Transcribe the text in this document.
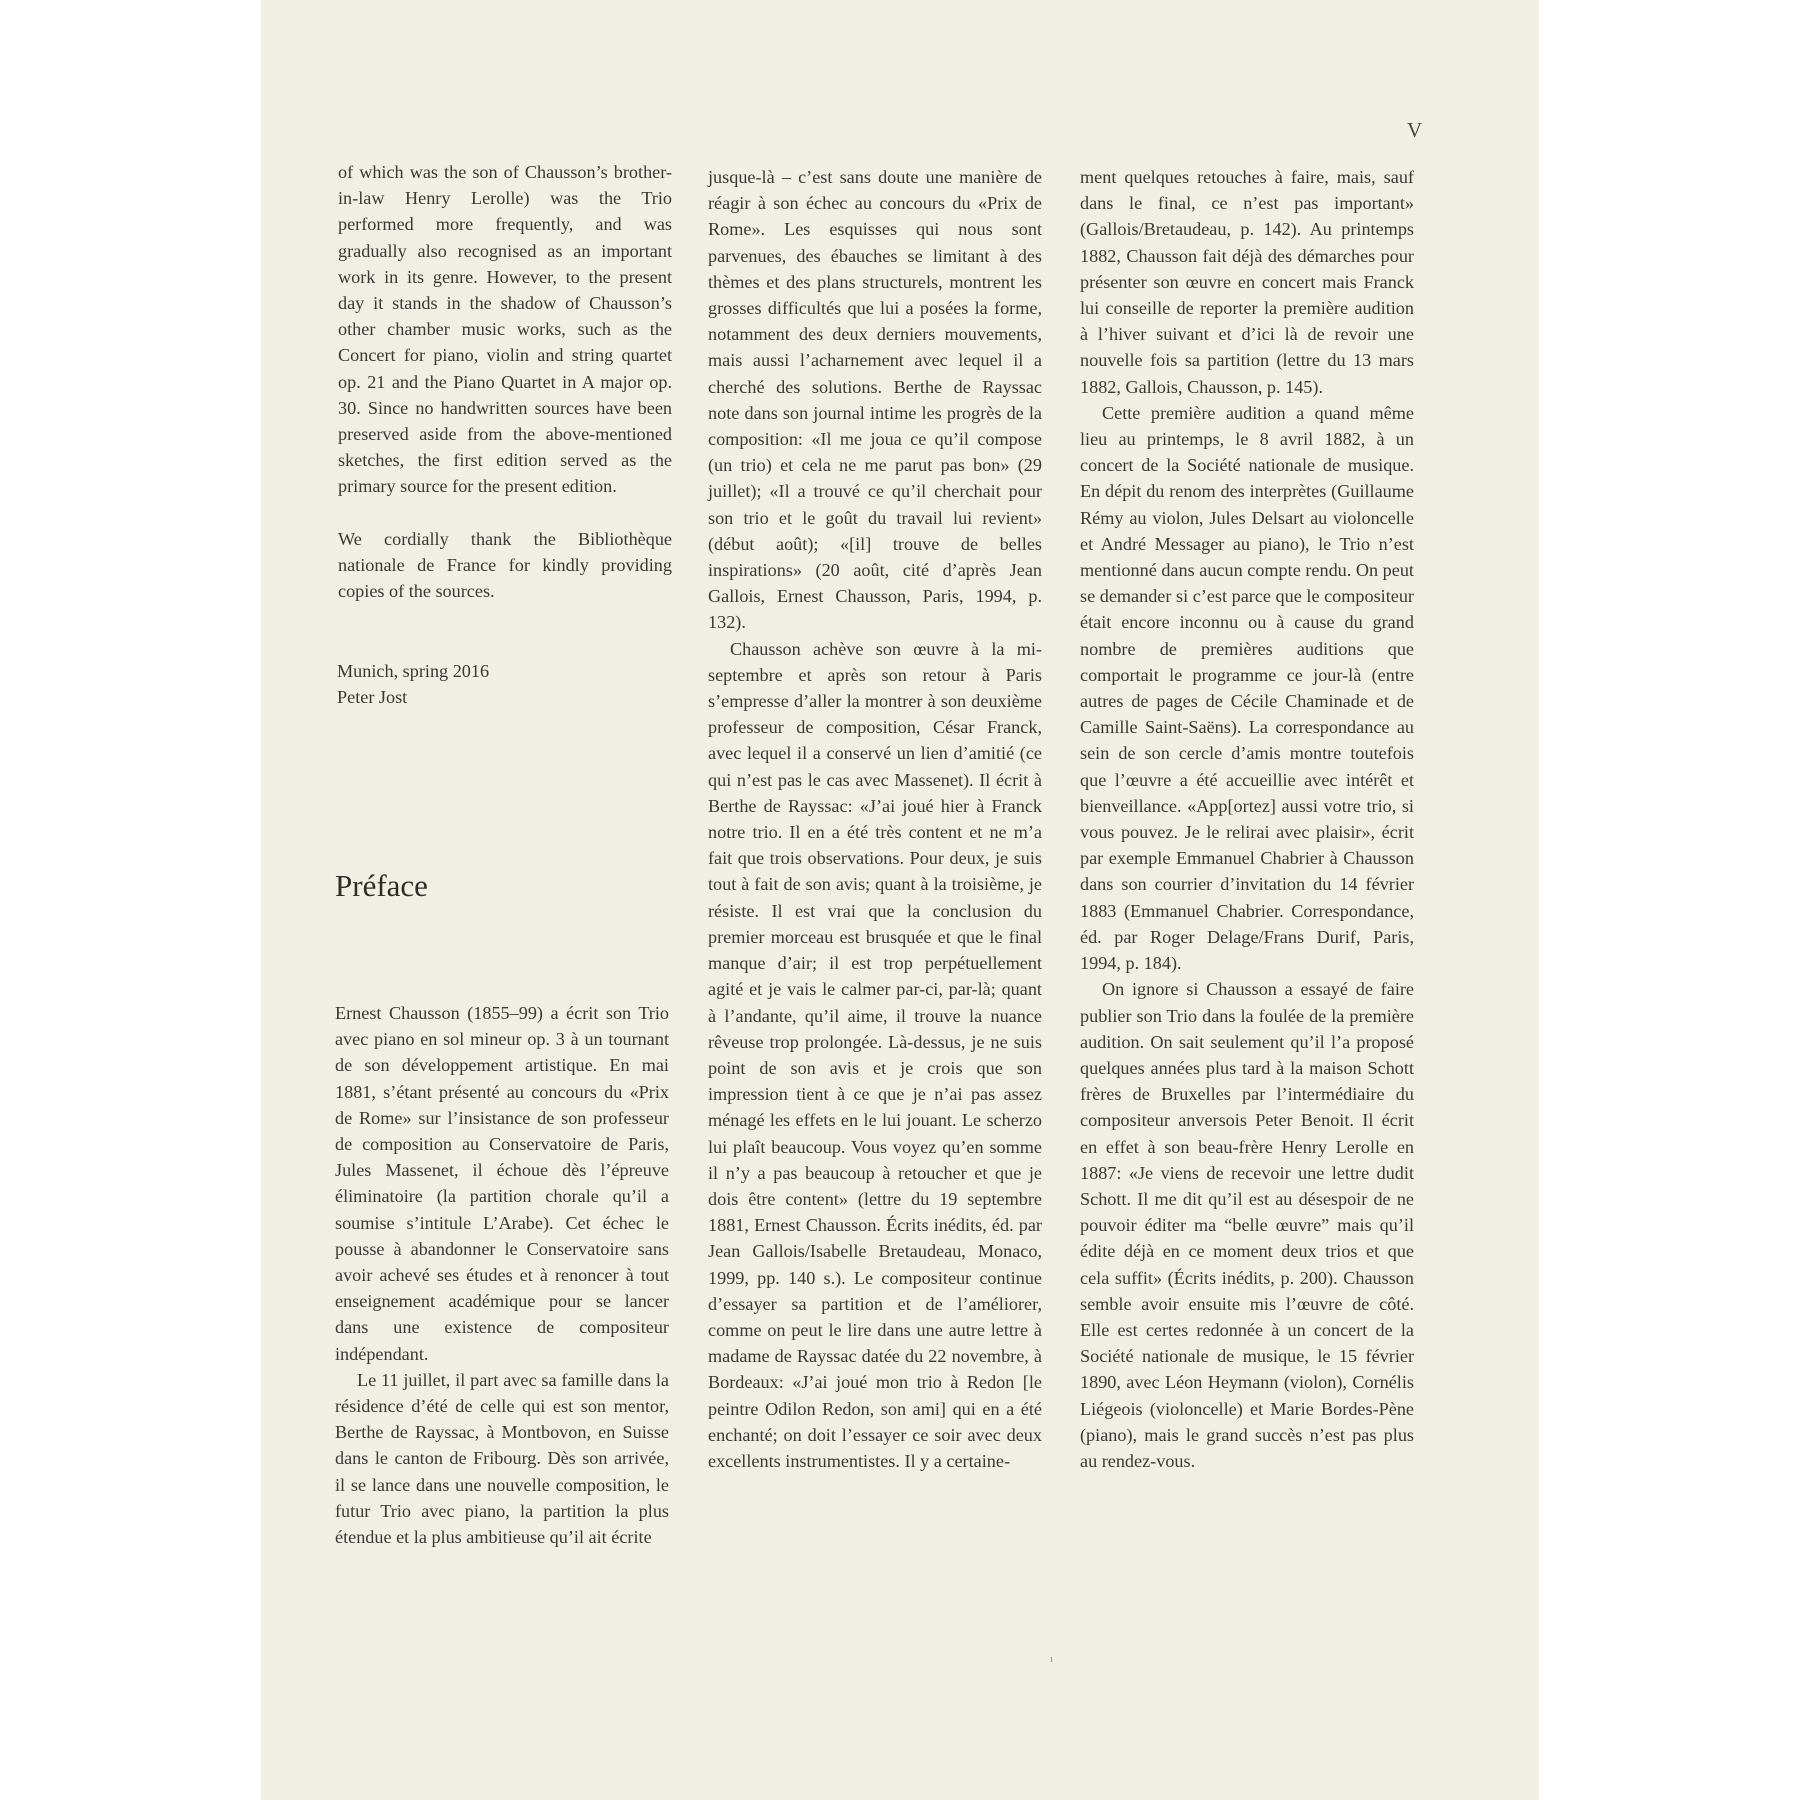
V

of which was the son of Chausson’s brother-in-law Henry Lerolle) was the Trio performed more frequently, and was gradually also recognised as an important work in its genre. However, to the present day it stands in the shadow of Chausson’s other chamber music works, such as the Concert for piano, violin and string quartet op. 21 and the Piano Quartet in A major op. 30. Since no handwritten sources have been preserved aside from the above-mentioned sketches, the first edition served as the primary source for the present edition.

We cordially thank the Bibliothèque nationale de France for kindly providing copies of the sources.

Munich, spring 2016
Peter Jost
Préface

Ernest Chausson (1855–99) a écrit son Trio avec piano en sol mineur op. 3 à un tournant de son développement artistique. En mai 1881, s’étant présenté au concours du «Prix de Rome» sur l’insistance de son professeur de composition au Conservatoire de Paris, Jules Massenet, il échoue dès l’épreuve éliminatoire (la partition chorale qu’il a soumise s’intitule L’Arabe). Cet échec le pousse à abandonner le Conservatoire sans avoir achevé ses études et à renoncer à tout enseignement académique pour se lancer dans une existence de compositeur indépendant.

Le 11 juillet, il part avec sa famille dans la résidence d’été de celle qui est son mentor, Berthe de Rayssac, à Montbovon, en Suisse dans le canton de Fribourg. Dès son arrivée, il se lance dans une nouvelle composition, le futur Trio avec piano, la partition la plus étendue et la plus ambitieuse qu’il ait écrite

jusque-là – c’est sans doute une manière de réagir à son échec au concours du «Prix de Rome». Les esquisses qui nous sont parvenues, des ébauches se limitant à des thèmes et des plans structurels, montrent les grosses difficultés que lui a posées la forme, notamment des deux derniers mouvements, mais aussi l’acharnement avec lequel il a cherché des solutions. Berthe de Rayssac note dans son journal intime les progrès de la composition: «Il me joua ce qu’il compose (un trio) et cela ne me parut pas bon» (29 juillet); «Il a trouvé ce qu’il cherchait pour son trio et le goût du travail lui revient» (début août); «[il] trouve de belles inspirations» (20 août, cité d’après Jean Gallois, Ernest Chausson, Paris, 1994, p. 132).

Chausson achève son œuvre à la mi-septembre et après son retour à Paris s’empresse d’aller la montrer à son deuxième professeur de composition, César Franck, avec lequel il a conservé un lien d’amitié (ce qui n’est pas le cas avec Massenet). Il écrit à Berthe de Rayssac: «J’ai joué hier à Franck notre trio. Il en a été très content et ne m’a fait que trois observations. Pour deux, je suis tout à fait de son avis; quant à la troisième, je résiste. Il est vrai que la conclusion du premier morceau est brusquée et que le final manque d’air; il est trop perpétuellement agité et je vais le calmer par-ci, par-là; quant à l’andante, qu’il aime, il trouve la nuance rêveuse trop prolongée. Là-dessus, je ne suis point de son avis et je crois que son impression tient à ce que je n’ai pas assez ménagé les effets en le lui jouant. Le scherzo lui plaît beaucoup. Vous voyez qu’en somme il n’y a pas beaucoup à retoucher et que je dois être content» (lettre du 19 septembre 1881, Ernest Chausson. Écrits inédits, éd. par Jean Gallois/Isabelle Bretaudeau, Monaco, 1999, pp. 140 s.). Le compositeur continue d’essayer sa partition et de l’améliorer, comme on peut le lire dans une autre lettre à madame de Rayssac datée du 22 novembre, à Bordeaux: «J’ai joué mon trio à Redon [le peintre Odilon Redon, son ami] qui en a été enchanté; on doit l’essayer ce soir avec deux excellents instrumentistes. Il y a certaine-

ment quelques retouches à faire, mais, sauf dans le final, ce n’est pas important» (Gallois/Bretaudeau, p. 142). Au printemps 1882, Chausson fait déjà des démarches pour présenter son œuvre en concert mais Franck lui conseille de reporter la première audition à l’hiver suivant et d’ici là de revoir une nouvelle fois sa partition (lettre du 13 mars 1882, Gallois, Chausson, p. 145).

Cette première audition a quand même lieu au printemps, le 8 avril 1882, à un concert de la Société nationale de musique. En dépit du renom des interprètes (Guillaume Rémy au violon, Jules Delsart au violoncelle et André Messager au piano), le Trio n’est mentionné dans aucun compte rendu. On peut se demander si c’est parce que le compositeur était encore inconnu ou à cause du grand nombre de premières auditions que comportait le programme ce jour-là (entre autres de pages de Cécile Chaminade et de Camille Saint-Saëns). La correspondance au sein de son cercle d’amis montre toutefois que l’œuvre a été accueillie avec intérêt et bienveillance. «App[ortez] aussi votre trio, si vous pouvez. Je le relirai avec plaisir», écrit par exemple Emmanuel Chabrier à Chausson dans son courrier d’invitation du 14 février 1883 (Emmanuel Chabrier. Correspondance, éd. par Roger Delage/Frans Durif, Paris, 1994, p. 184).

On ignore si Chausson a essayé de faire publier son Trio dans la foulée de la première audition. On sait seulement qu’il l’a proposé quelques années plus tard à la maison Schott frères de Bruxelles par l’intermédiaire du compositeur anversois Peter Benoit. Il écrit en effet à son beau-frère Henry Lerolle en 1887: «Je viens de recevoir une lettre dudit Schott. Il me dit qu’il est au désespoir de ne pouvoir éditer ma “belle œuvre” mais qu’il édite déjà en ce moment deux trios et que cela suffit» (Écrits inédits, p. 200). Chausson semble avoir ensuite mis l’œuvre de côté. Elle est certes redonnée à un concert de la Société nationale de musique, le 15 février 1890, avec Léon Heymann (violon), Cornélis Liégeois (violoncelle) et Marie Bordes-Pène (piano), mais le grand succès n’est pas plus au rendez-vous.

ı
